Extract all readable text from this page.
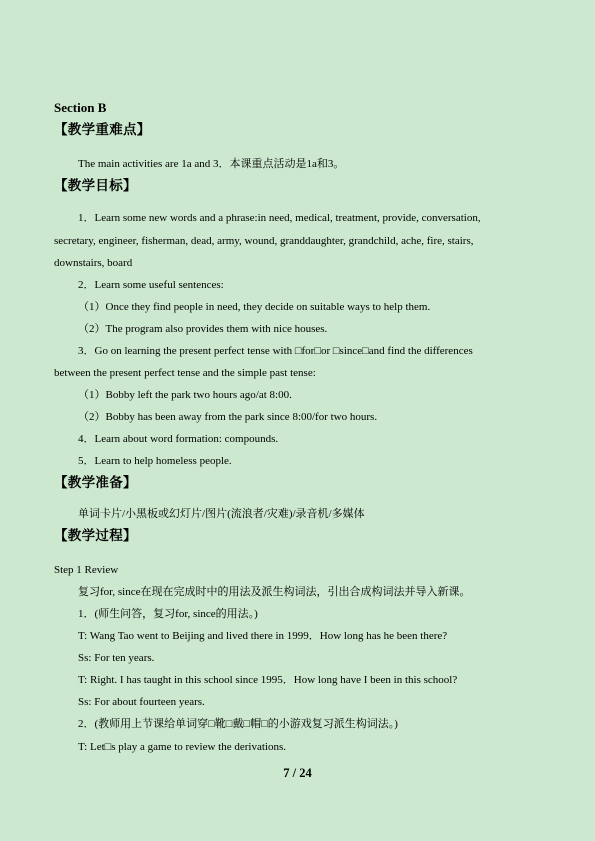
Section B
【教学重难点】
The main activities are 1a and 3．本课重点活动是1a和3。
【教学目标】
1．Learn some new words and a phrase:in need, medical, treatment, provide, conversation,
secretary, engineer, fisherman, dead, army, wound, granddaughter, grandchild, ache, fire, stairs,
downstairs, board
2．Learn some useful sentences:
（1）Once they find people in need, they decide on suitable ways to help them.
（2）The program also provides them with nice houses.
3．Go on learning the present perfect tense with □for□or □since□and find the differences
between the present perfect tense and the simple past tense:
（1）Bobby left the park two hours ago/at 8:00.
（2）Bobby has been away from the park since 8:00/for two hours.
4．Learn about word formation: compounds.
5．Learn to help homeless people.
【教学准备】
单词卡片/小黑板或幻灯片/图片(流浪者/灾难)/录音机/多媒体
【教学过程】
Step 1 Review
复习for, since在现在完成时中的用法及派生构词法，引出合成构词法并导入新课。
1．(师生问答，复习for, since的用法。)
T: Wang Tao went to Beijing and lived there in 1999．How long has he been there?
Ss: For ten years.
T: Right. I has taught in this school since 1995．How long have I been in this school?
Ss: For about fourteen years.
2．(教师用上节课给单词穿□靴□戴□帽□的小游戏复习派生构词法。)
T: Let□s play a game to review the derivations.
7 / 24
